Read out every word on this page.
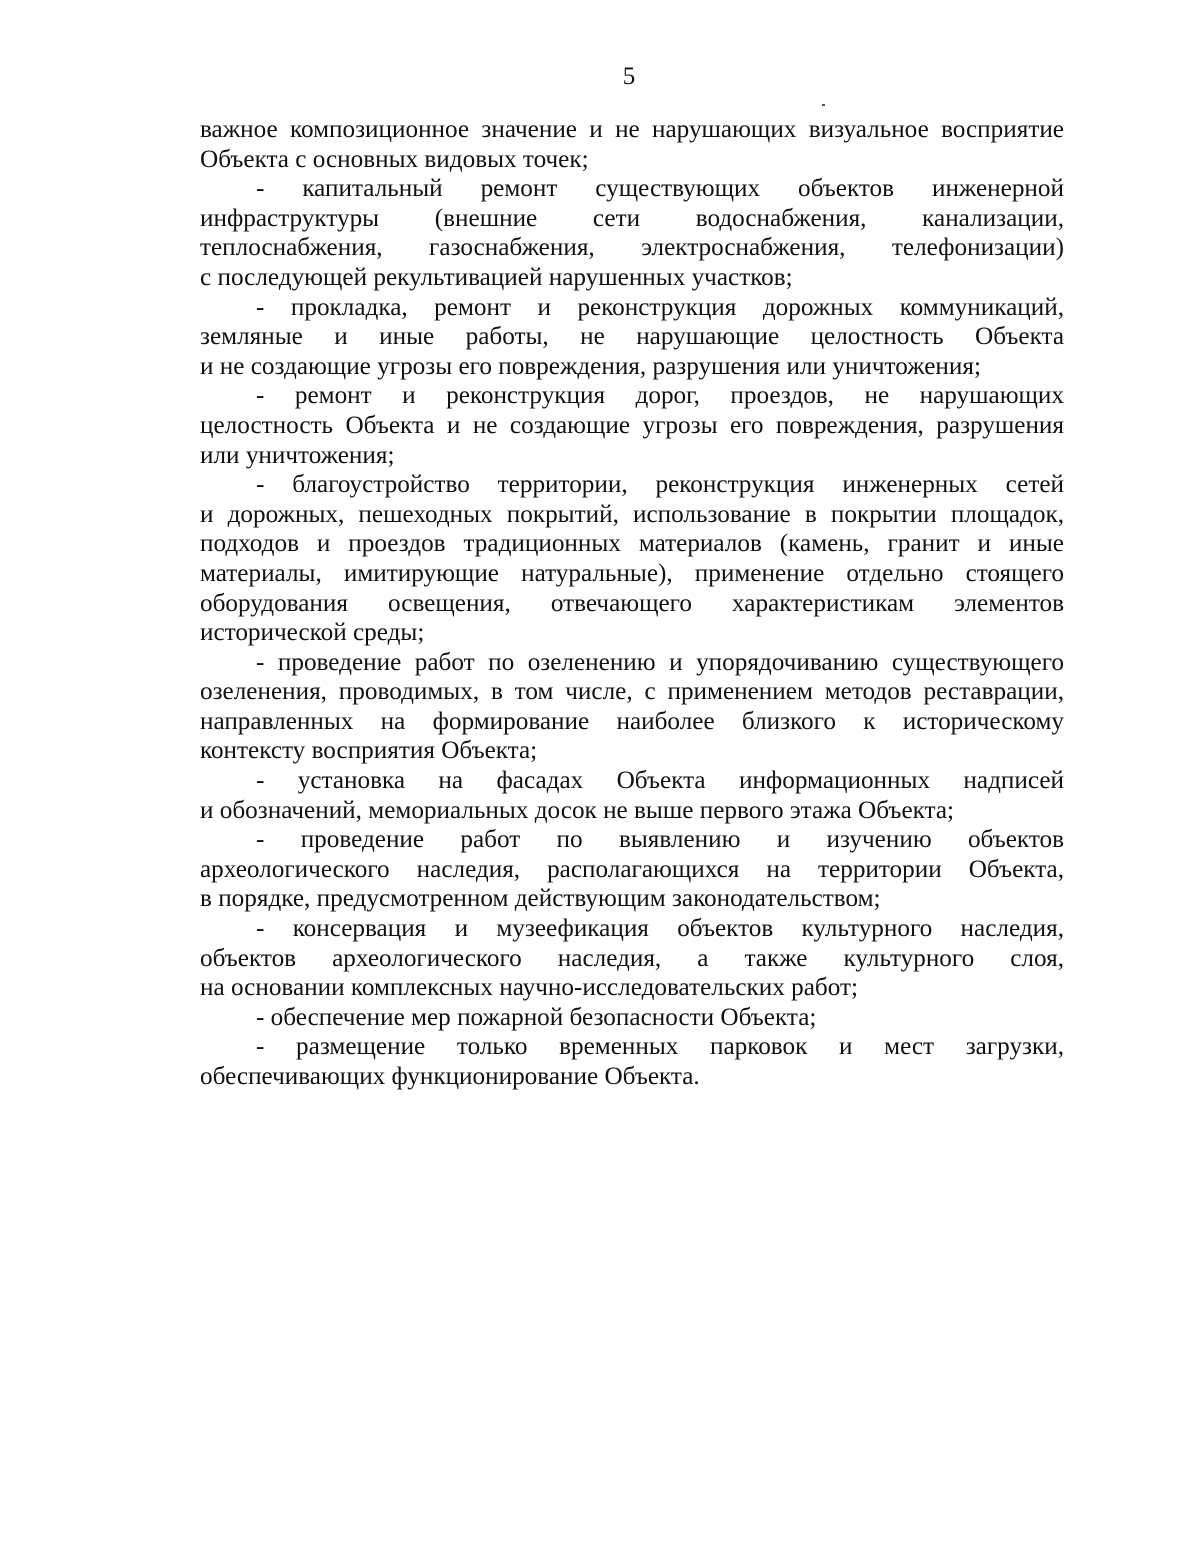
5

важное композиционное значение и не нарушающих визуальное восприятие

Объекта с основных видовых точек;

- капитальный ремонт существующих объектов инженерной

инфраструктуры (внешние сети водоснабжения, канализации,

теплоснабжения, газоснабжения, электроснабжения, телефонизации)

с последующей рекультивацией нарушенных участков;

- прокладка, ремонт и реконструкция дорожных коммуникаций,

земляные и иные работы, не нарушающие целостность Объекта

и не создающие угрозы его повреждения, разрушения или уничтожения;

- ремонт и реконструкция дорог, проездов, не нарушающих

целостность Объекта и не создающие угрозы его повреждения, разрушения

или уничтожения;

- благоустройство территории, реконструкция инженерных сетей

и дорожных, пешеходных покрытий, использование в покрытии площадок,

подходов и проездов традиционных материалов (камень, гранит и иные

материалы, имитирующие натуральные), применение отдельно стоящего

оборудования освещения, отвечающего характеристикам элементов

исторической среды;

- проведение работ по озеленению и упорядочиванию существующего

озеленения, проводимых, в том числе, с применением методов реставрации,

направленных на формирование наиболее близкого к историческому

контексту восприятия Объекта;

- установка на фасадах Объекта информационных надписей

и обозначений, мемориальных досок не выше первого этажа Объекта;

- проведение работ по выявлению и изучению объектов

археологического наследия, располагающихся на территории Объекта,

в порядке, предусмотренном действующим законодательством;

- консервация и музеефикация объектов культурного наследия,

объектов археологического наследия, а также культурного слоя,

на основании комплексных научно-исследовательских работ;

- обеспечение мер пожарной безопасности Объекта;

- размещение только временных парковок и мест загрузки,

обеспечивающих функционирование Объекта.
